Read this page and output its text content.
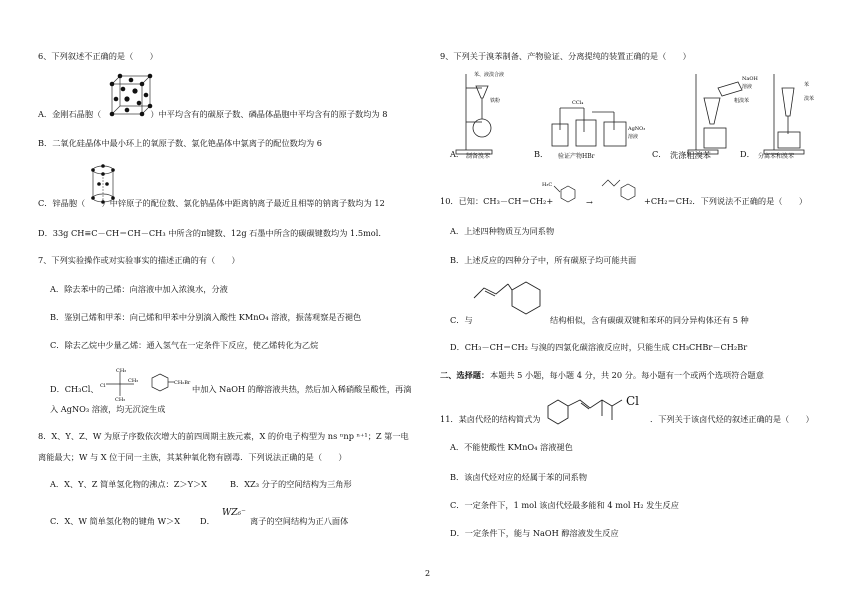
6、下列叙述不正确的是（　　）
A．金刚石晶胞（　　　　　　）中平均含有的碳原子数、磷晶体晶胞中平均含有的原子数均为 8
B．二氧化硅晶体中最小环上的氧原子数、氯化铯晶体中氯离子的配位数均为 6
C．锌晶胞（　　）中锌原子的配位数、氯化钠晶体中距离钠离子最近且相等的钠离子数均为 12
D．33g CH≡C－CH＝CH－CH₃ 中所含的π键数、12g 石墨中所含的碳碳键数均为 1.5mol.
7、下列实验操作或对实验事实的描述正确的有（　　）
A．除去苯中的己烯：向溶液中加入浓溴水，分液
B．鉴别己烯和甲苯：向己烯和甲苯中分别滴入酸性 KMnO₄ 溶液，振荡观察是否褪色
C．除去乙烷中少量乙烯：通入氢气在一定条件下反应，使乙烯转化为乙烷
D．CH₃Cl、
CH₃
Cl
CH₃
CH₃
CH₂Br
中加入 NaOH 的醇溶液共热，然后加入稀硝酸呈酸性，再滴
入 AgNO₃ 溶液，均无沉淀生成
8．X、Y、Z、W 为原子序数依次增大的前四周期主族元素，X 的价电子构型为 ns ⁿnp ⁿ⁺¹；Z 第一电
离能最大；W 与 X 位于同一主族，其某种氧化物有剧毒．下列说法正确的是（　　）
A．X、Y、Z 简单氢化物的沸点：Z＞Y＞X	B．XZ₃ 分子的空间结构为三角形
C．X、W 简单氢化物的键角 W＞X D．
WZ₆⁻
离子的空间结构为正八面体
9、下列关于溴苯制备、产物验证、分离提纯的装置正确的是（　　）
苯、液溴合液
铁粉	CCl₄
AgNO₃
溶液
NaOH
溶液
粗溴苯
苯
溴苯
A． 制备溴苯	B． 验证产物HBr	C． 洗涤粗溴苯	D． 分离苯和溴苯
10．已知：CH₃－CH＝CH₂+
H₃C
→	+CH₂＝CH₂．下列说法不正确的是（　　）
A．上述四种物质互为同系物
B．上述反应的四种分子中，所有碳原子均可能共面
C．与	结构相似，含有碳碳双键和苯环的同分异构体还有 5 种
D．CH₃－CH＝CH₂ 与溴的四氯化碳溶液反应时，只能生成 CH₃CHBr－CH₂Br
二、选择题： 本题共 5 小题，每小题 4 分，共 20 分。每小题有一个或两个选项符合题意
11．某卤代烃的结构简式为
Cl
．下列关于该卤代烃的叙述正确的是（　　）
A．不能使酸性 KMnO₄ 溶液褪色
B．该卤代烃对应的烃属于苯的同系物
C．一定条件下，1 mol 该卤代烃最多能和 4 mol H₂ 发生反应
D．一定条件下，能与 NaOH 醇溶液发生反应
2
